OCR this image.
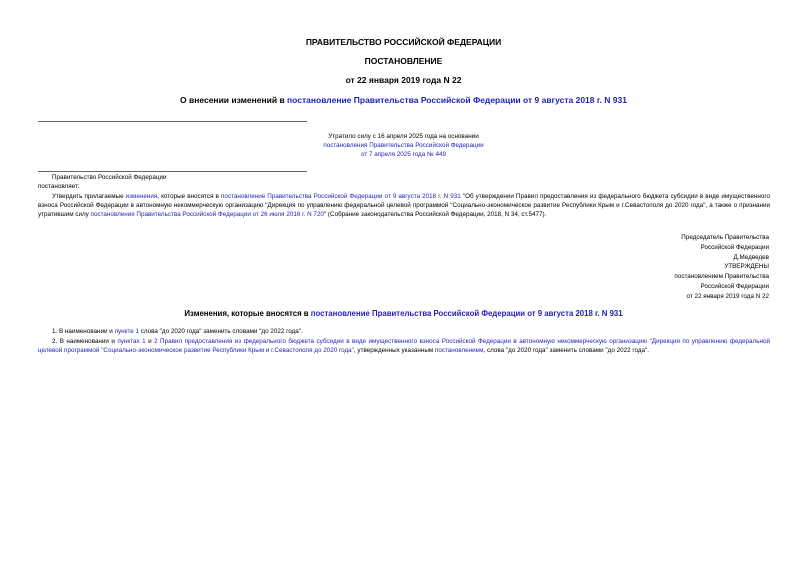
ПРАВИТЕЛЬСТВО РОССИЙСКОЙ ФЕДЕРАЦИИ
ПОСТАНОВЛЕНИЕ
от 22 января 2019 года N 22
О внесении изменений в постановление Правительства Российской Федерации от 9 августа 2018 г. N 931

Утратило силу с 16 апреля 2025 года на основании

постановления Правительства Российской Федерации

от 7 апреля 2025 года № 449

Правительство Российской Федерации
постановляет:
Утвердить прилагаемые изменения, которые вносятся в постановление Правительства Российской Федерации от 9 августа 2018 г. N 931 "Об утверждении Правил предоставления из федерального бюджета субсидии в виде имущественного взноса Российской Федерации в автономную некоммерческую организацию "Дирекция по управлению федеральной целевой программой "Социально-экономическое развитие Республики Крым и г.Севастополя до 2020 года", а также о признании утратившим силу постановления Правительства Российской Федерации от 26 июля 2016 г. N 720" (Собрание законодательства Российской Федерации, 2018, N 34, ст.5477).

Председатель Правительства

Российской Федерации

Д.Медведев

УТВЕРЖДЕНЫ

постановлением Правительства

Российской Федерации

от 22 января 2019 года N 22

Изменения, которые вносятся в постановление Правительства Российской Федерации от 9 августа 2018 г. N 931
1. В наименовании и пункте 1 слова "до 2020 года" заменить словами "до 2022 года".
2. В наименовании и пунктах 1 и 2 Правил предоставления из федерального бюджета субсидии в виде имущественного взноса Российской Федерации в автономную некоммерческую организацию "Дирекция по управлению федеральной целевой программой "Социально-экономическое развитие Республики Крым и г.Севастополя до 2020 года", утвержденных указанным постановлением, слова "до 2020 года" заменить словами "до 2022 года".
